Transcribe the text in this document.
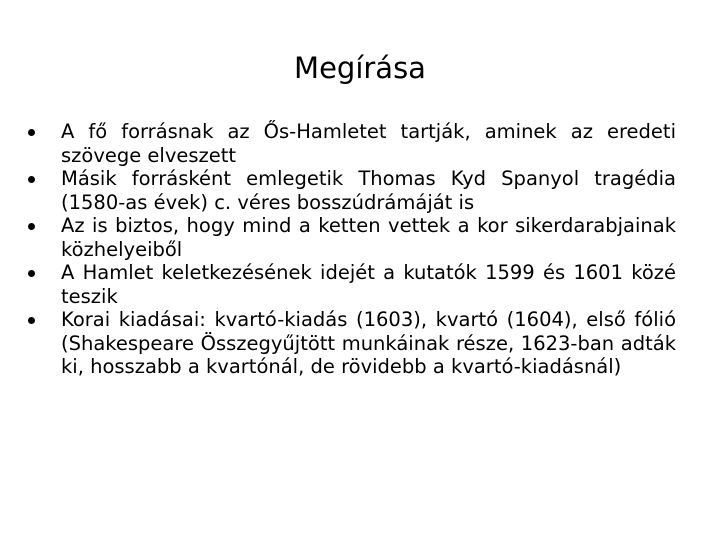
Megírása
A fő forrásnak az Ős-Hamletet tartják, aminek az eredeti szövege elveszett
Másik forrásként emlegetik Thomas Kyd Spanyol tragédia (1580-as évek) c. véres bosszúdrámáját is
Az is biztos, hogy mind a ketten vettek a kor sikerdarabjainak közhelyeiből
A Hamlet keletkezésének idejét a kutatók 1599 és 1601 közé teszik
Korai kiadásai: kvartó-kiadás (1603), kvartó (1604), első fólió (Shakespeare Összegyűjtött munkáinak része, 1623-ban adták ki, hosszabb a kvartónál, de rövidebb a kvartó-kiadásnál)
